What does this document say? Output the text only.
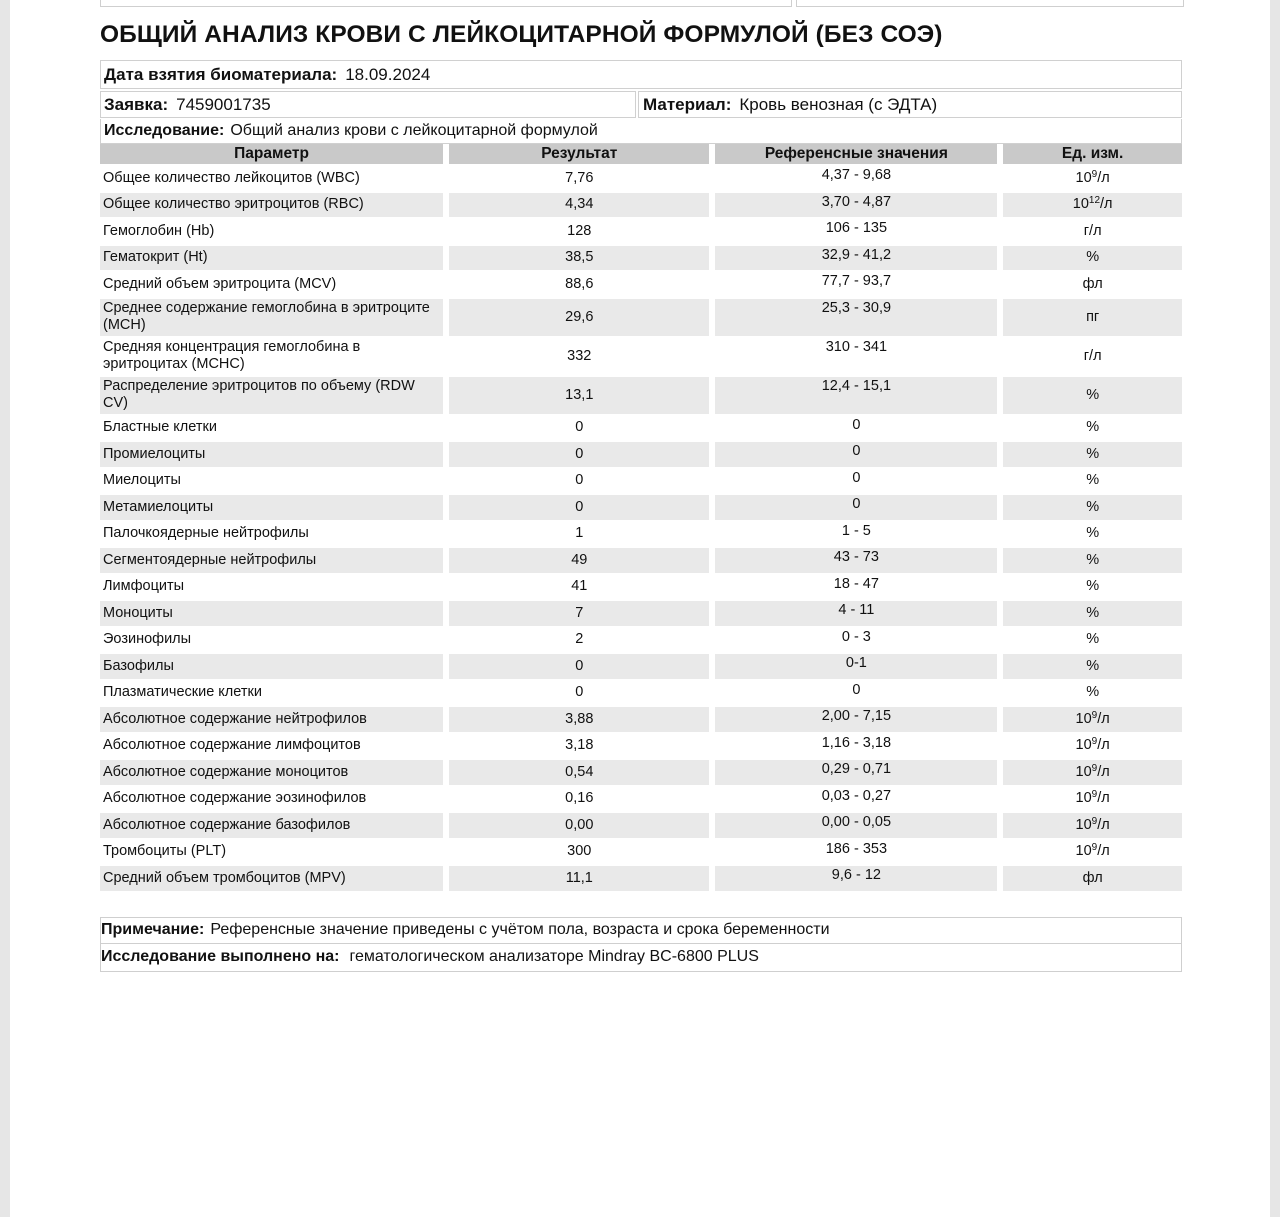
ОБЩИЙ АНАЛИЗ КРОВИ С ЛЕЙКОЦИТАРНОЙ ФОРМУЛОЙ (БЕЗ СОЭ)
Дата взятия биоматериала: 18.09.2024
Заявка: 7459001735	Материал: Кровь венозная (с ЭДТА)
Исследование: Общий анализ крови с лейкоцитарной формулой
Параметр	Результат	Референсные значения	Ед. изм.
Общее количество лейкоцитов (WBC)	7,76	4,37 - 9,68	$10^9/л$
Общее количество эритроцитов (RBC)	4,34	3,70 - 4,87	$10^{12}/л$
Гемоглобин (Hb)	128	106 - 135	г/л
Гематокрит (Ht)	38,5	32,9 - 41,2	%
Средний объем эритроцита (MCV)	88,6	77,7 - 93,7	фл
Среднее содержание гемоглобина в эритроците (MCH)	29,6	25,3 - 30,9	пг
Средняя концентрация гемоглобина в эритроцитах (MCHC)	332	310 - 341	г/л
Распределение эритроцитов по объему (RDW CV)	13,1	12,4 - 15,1	%
Бластные клетки	0	0	%
Промиелоциты	0	0	%
Миелоциты	0	0	%
Метамиелоциты	0	0	%
Палочкоядерные нейтрофилы	1	1 - 5	%
Сегментоядерные нейтрофилы	49	43 - 73	%
Лимфоциты	41	18 - 47	%
Моноциты	7	4 - 11	%
Эозинофилы	2	0 - 3	%
Базофилы	0	0-1	%
Плазматические клетки	0	0	%
Абсолютное содержание нейтрофилов	3,88	2,00 - 7,15	$10^9/л$
Абсолютное содержание лимфоцитов	3,18	1,16 - 3,18	$10^9/л$
Абсолютное содержание моноцитов	0,54	0,29 - 0,71	$10^9/л$
Абсолютное содержание эозинофилов	0,16	0,03 - 0,27	$10^9/л$
Абсолютное содержание базофилов	0,00	0,00 - 0,05	$10^9/л$
Тромбоциты (PLT)	300	186 - 353	$10^9/л$
Средний объем тромбоцитов (MPV)	11,1	9,6 - 12	фл
Примечание: Референсные значение приведены с учётом пола, возраста и срока беременности
Исследование выполнено на: гематологическом анализаторе Mindray BC-6800 PLUS
